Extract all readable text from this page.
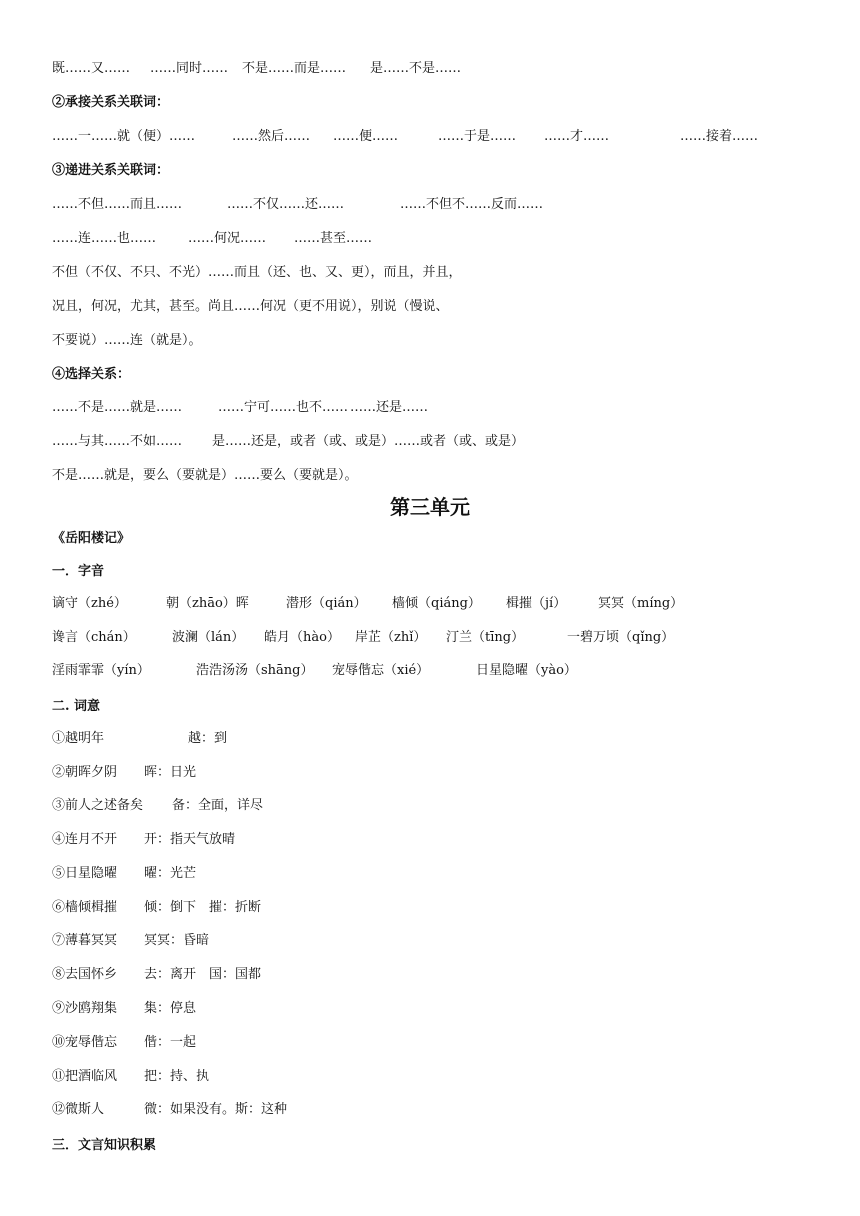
既……又…… ……同时…… 不是……而是…… 是……不是……
②承接关系关联词：
……一……就（便）……	……然后…… ……便……	……于是…… ……才……	……接着……
③递进关系关联词：
……不但……而且……	……不仅……还……	……不但不……反而……
……连……也…… ……何况…… ……甚至……
不但（不仅、不只、不光）……而且（还、也、又、更），而且，并且，
况且，何况，尤其，甚至。尚且……何况（更不用说），别说（慢说、
不要说）……连（就是）。
④选择关系：
……不是……就是……	……宁可……也不…… ……还是……
……与其……不如…… 是……还是，或者（或、或是）……或者（或、或是）
不是……就是，要么（要就是）……要么（要就是）。
第三单元
《岳阳楼记》
一．字音
谪守（zhé）	朝（zhāo）晖	潜形（qián） 樯倾（qiáng） 楫摧（jí） 冥冥（míng）
谗言（chán）	波澜（lán） 皓月（hào） 岸芷（zhǐ） 汀兰（tīng）	一碧万顷（qǐng）
淫雨霏霏（yín）	浩浩汤汤（shāng） 宠辱偕忘（xié）	日星隐曜（yào）
二. 词意
①越明年	越：到
②朝晖夕阴 晖：日光
③前人之述备矣 备：全面，详尽
④连月不开 开：指天气放晴
⑤日星隐曜 曜：光芒
⑥樯倾楫摧 倾：倒下　摧：折断
⑦薄暮冥冥 冥冥：昏暗
⑧去国怀乡 去：离开　国：国都
⑨沙鸥翔集 集：停息
⑩宠辱偕忘 偕：一起
⑪把酒临风 把：持、执
⑫微斯人	微：如果没有。斯：这种
三．文言知识积累
